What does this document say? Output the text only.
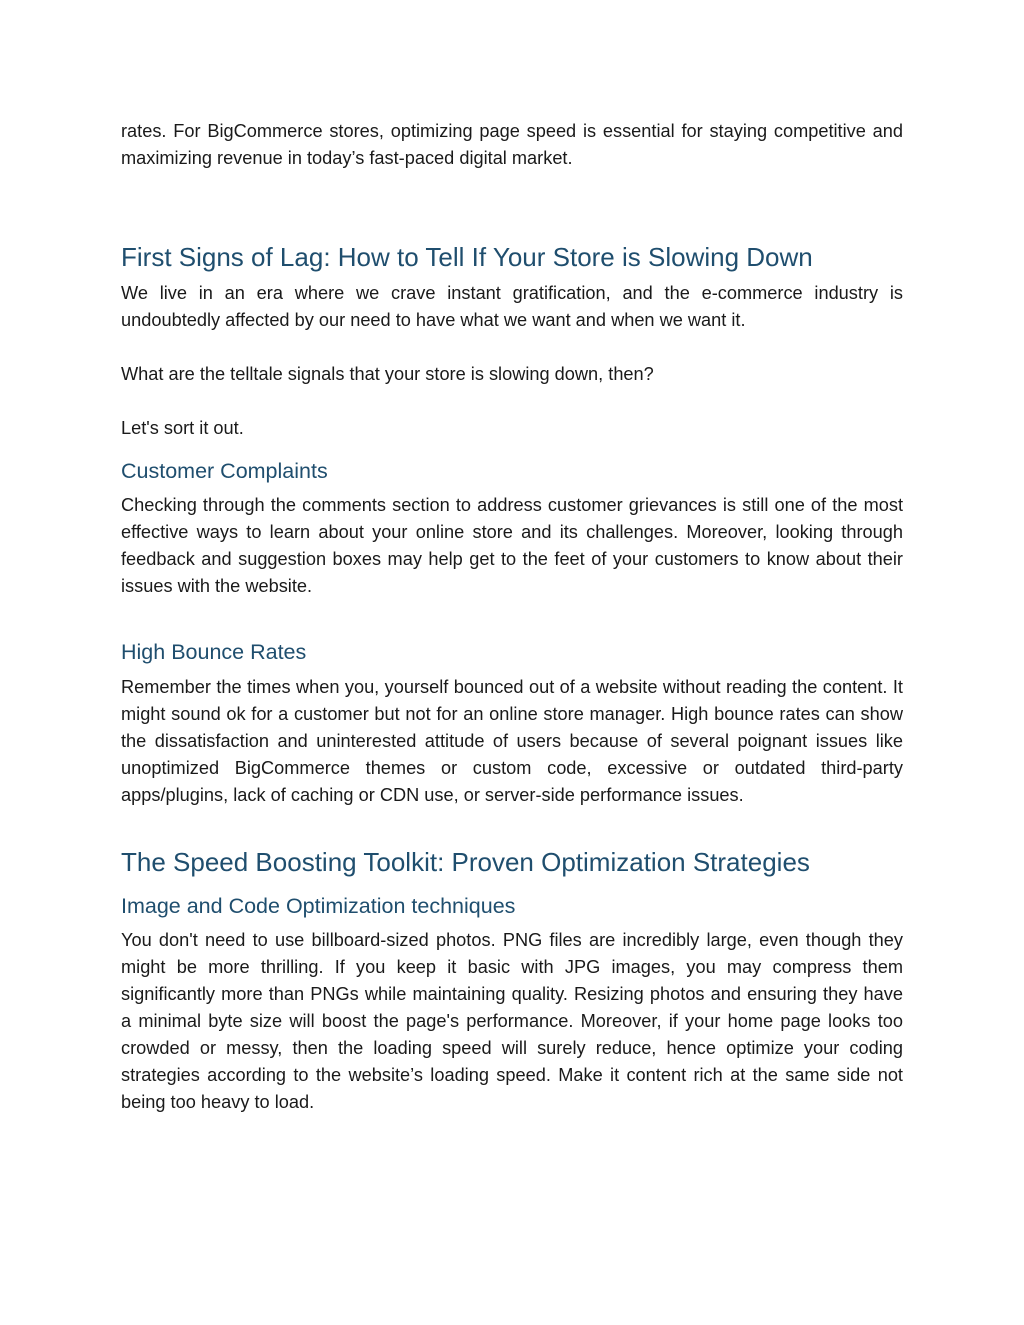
rates. For BigCommerce stores, optimizing page speed is essential for staying competitive and maximizing revenue in today’s fast-paced digital market.

First Signs of Lag: How to Tell If Your Store is Slowing Down

We live in an era where we crave instant gratification, and the e-commerce industry is undoubtedly affected by our need to have what we want and when we want it.

What are the telltale signals that your store is slowing down, then?

Let's sort it out.

Customer Complaints

Checking through the comments section to address customer grievances is still one of the most effective ways to learn about your online store and its challenges. Moreover, looking through feedback and suggestion boxes may help get to the feet of your customers to know about their issues with the website.

High Bounce Rates

Remember the times when you, yourself bounced out of a website without reading the content. It might sound ok for a customer but not for an online store manager. High bounce rates can show the dissatisfaction and uninterested attitude of users because of several poignant issues like unoptimized BigCommerce themes or custom code, excessive or outdated third-party apps/plugins, lack of caching or CDN use, or server-side performance issues.

The Speed Boosting Toolkit: Proven Optimization Strategies
Image and Code Optimization techniques

You don't need to use billboard-sized photos. PNG files are incredibly large, even though they might be more thrilling. If you keep it basic with JPG images, you may compress them significantly more than PNGs while maintaining quality. Resizing photos and ensuring they have a minimal byte size will boost the page's performance. Moreover, if your home page looks too crowded or messy, then the loading speed will surely reduce, hence optimize your coding strategies according to the website’s loading speed. Make it content rich at the same side not being too heavy to load.
